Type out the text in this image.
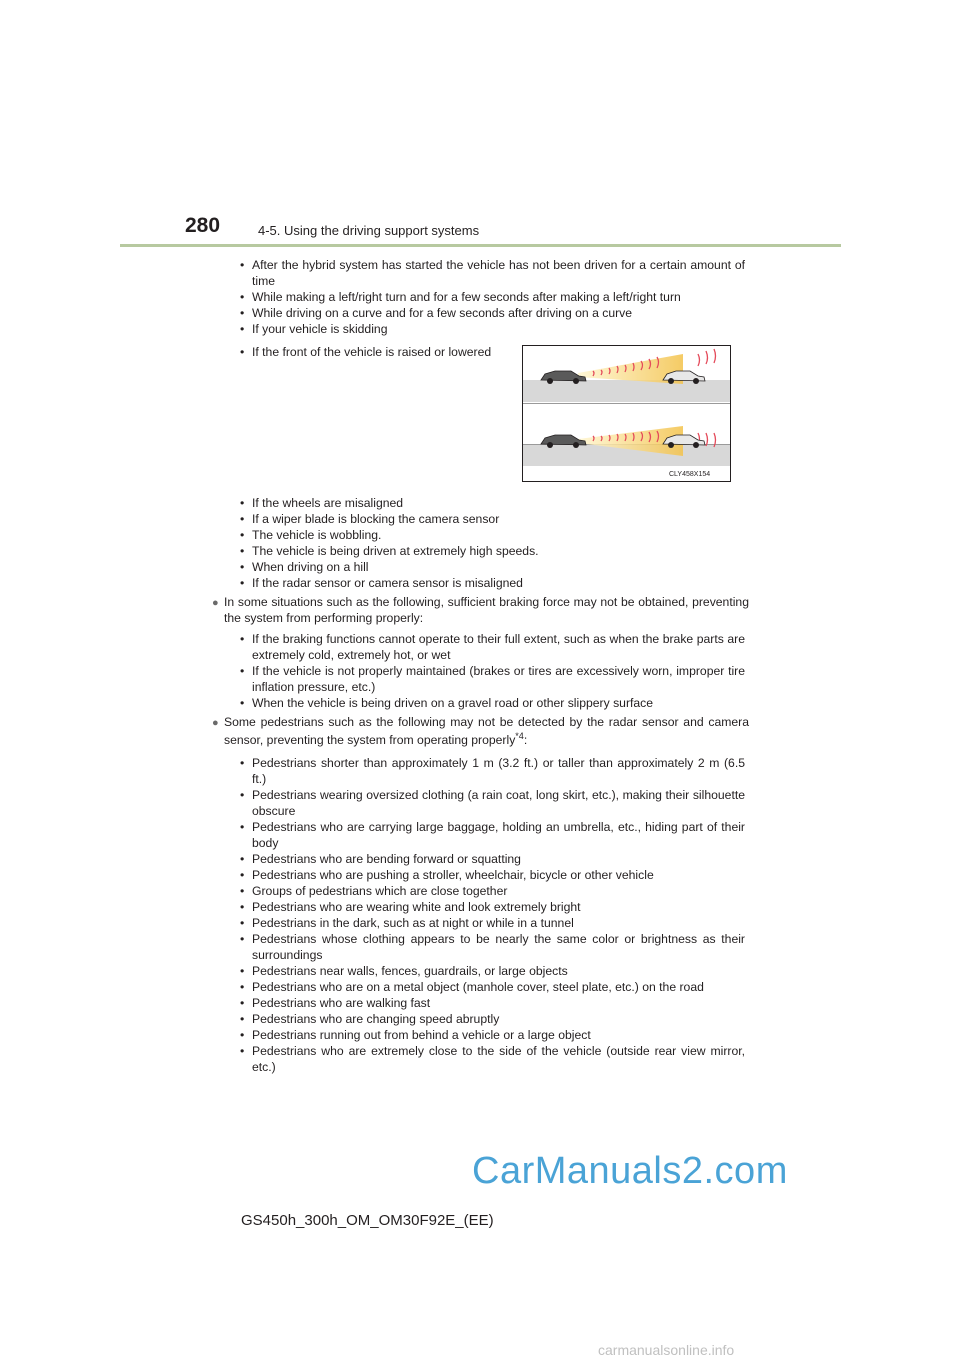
280	4-5. Using the driving support systems
• After the hybrid system has started the vehicle has not been driven for a certain amount of time
• While making a left/right turn and for a few seconds after making a left/right turn
• While driving on a curve and for a few seconds after driving on a curve
• If your vehicle is skidding
• If the front of the vehicle is raised or lowered
CLY458X154
• If the wheels are misaligned
• If a wiper blade is blocking the camera sensor
• The vehicle is wobbling.
• The vehicle is being driven at extremely high speeds.
• When driving on a hill
• If the radar sensor or camera sensor is misaligned
● In some situations such as the following, sufficient braking force may not be obtained, preventing the system from performing properly:
• If the braking functions cannot operate to their full extent, such as when the brake parts are extremely cold, extremely hot, or wet
• If the vehicle is not properly maintained (brakes or tires are excessively worn, improper tire inflation pressure, etc.)
• When the vehicle is being driven on a gravel road or other slippery surface
● Some pedestrians such as the following may not be detected by the radar sensor and camera sensor, preventing the system from operating properly$^{*4}$:
• Pedestrians shorter than approximately 1 m (3.2 ft.) or taller than approximately 2 m (6.5 ft.)
• Pedestrians wearing oversized clothing (a rain coat, long skirt, etc.), making their silhouette obscure
• Pedestrians who are carrying large baggage, holding an umbrella, etc., hiding part of their body
• Pedestrians who are bending forward or squatting
• Pedestrians who are pushing a stroller, wheelchair, bicycle or other vehicle
• Groups of pedestrians which are close together
• Pedestrians who are wearing white and look extremely bright
• Pedestrians in the dark, such as at night or while in a tunnel
• Pedestrians whose clothing appears to be nearly the same color or brightness as their surroundings
• Pedestrians near walls, fences, guardrails, or large objects
• Pedestrians who are on a metal object (manhole cover, steel plate, etc.) on the road
• Pedestrians who are walking fast
• Pedestrians who are changing speed abruptly
• Pedestrians running out from behind a vehicle or a large object
• Pedestrians who are extremely close to the side of the vehicle (outside rear view mirror, etc.)
CarManuals2.com
GS450h_300h_OM_OM30F92E_(EE)
carmanualsonline.info
